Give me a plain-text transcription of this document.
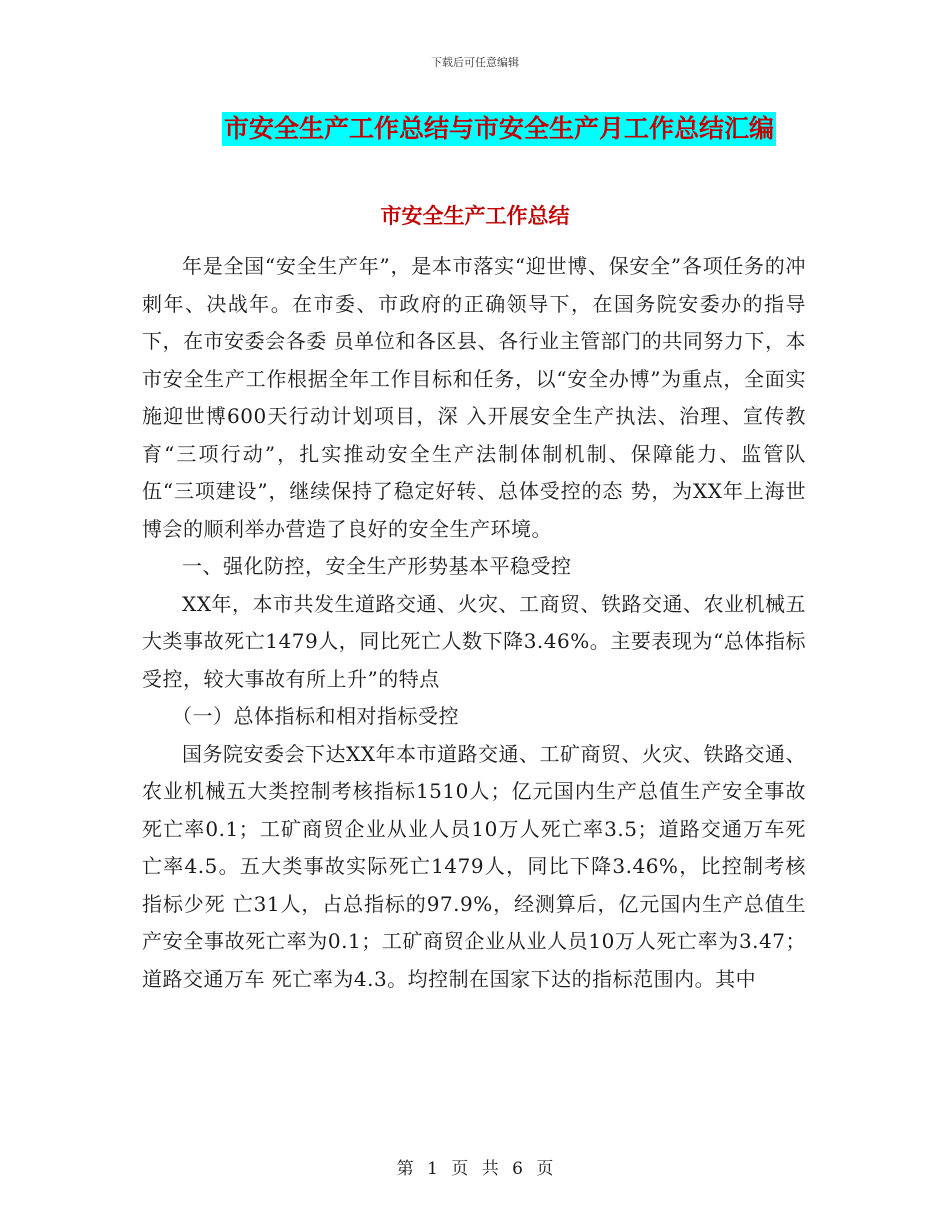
下载后可任意编辑
市安全生产工作总结与市安全生产月工作总结汇编
市安全生产工作总结

年是全国“安全生产年”，是本市落实“迎世博、保安全”各项任务的冲刺年、决战年。在市委、市政府的正确领导下，在国务院安委办的指导下，在市安委会各委 员单位和各区县、各行业主管部门的共同努力下，本市安全生产工作根据全年工作目标和任务，以“安全办博”为重点，全面实施迎世博600天行动计划项目，深 入开展安全生产执法、治理、宣传教育“三项行动”，扎实推动安全生产法制体制机制、保障能力、监管队伍“三项建设”，继续保持了稳定好转、总体受控的态 势，为XX年上海世博会的顺利举办营造了良好的安全生产环境。

一、强化防控，安全生产形势基本平稳受控

XX年，本市共发生道路交通、火灾、工商贸、铁路交通、农业机械五大类事故死亡1479人，同比死亡人数下降3.46%。主要表现为“总体指标受控，较大事故有所上升”的特点

（一）总体指标和相对指标受控

国务院安委会下达XX年本市道路交通、工矿商贸、火灾、铁路交通、农业机械五大类控制考核指标1510人；亿元国内生产总值生产安全事故死亡率0.1；工矿商贸企业从业人员10万人死亡率3.5；道路交通万车死亡率4.5。五大类事故实际死亡1479人，同比下降3.46%，比控制考核指标少死 亡31人，占总指标的97.9%，经测算后，亿元国内生产总值生产安全事故死亡率为0.1；工矿商贸企业从业人员10万人死亡率为3.47；道路交通万车 死亡率为4.3。均控制在国家下达的指标范围内。其中

第 1 页 共 6 页
